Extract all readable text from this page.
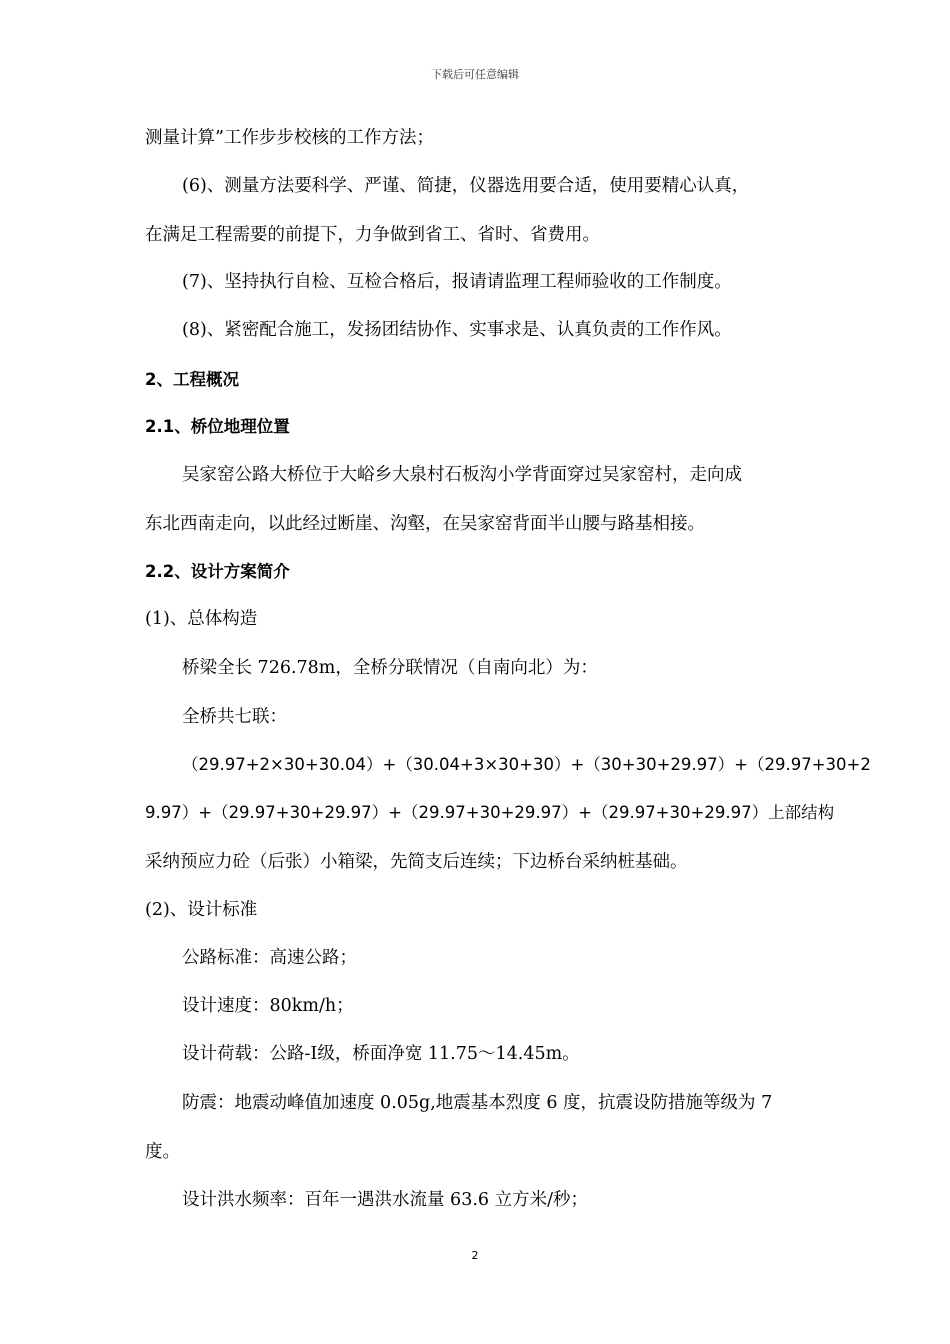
下载后可任意编辑
测量计算”工作步步校核的工作方法；
(6)、测量方法要科学、严谨、简捷，仪器选用要合适，使用要精心认真，
在满足工程需要的前提下，力争做到省工、省时、省费用。
(7)、坚持执行自检、互检合格后，报请请监理工程师验收的工作制度。
(8)、紧密配合施工，发扬团结协作、实事求是、认真负责的工作作风。
2、工程概况
2.1、桥位地理位置
吴家窑公路大桥位于大峪乡大泉村石板沟小学背面穿过吴家窑村，走向成
东北西南走向，以此经过断崖、沟壑，在吴家窑背面半山腰与路基相接。
2.2、设计方案简介
(1)、总体构造
桥梁全长 726.78m，全桥分联情况（自南向北）为：
全桥共七联：
（29.97+2×30+30.04）+（30.04+3×30+30）+（30+30+29.97）+（29.97+30+2
9.97）+（29.97+30+29.97）+（29.97+30+29.97）+（29.97+30+29.97）上部结构
采纳预应力砼（后张）小箱梁，先简支后连续；下边桥台采纳桩基础。
(2)、设计标准
公路标准：高速公路；
设计速度：80km/h；
设计荷载：公路-Ⅰ级，桥面净宽 11.75～14.45m。
防震：地震动峰值加速度 0.05g,地震基本烈度 6 度，抗震设防措施等级为 7
度。
设计洪水频率：百年一遇洪水流量 63.6 立方米/秒；
2
